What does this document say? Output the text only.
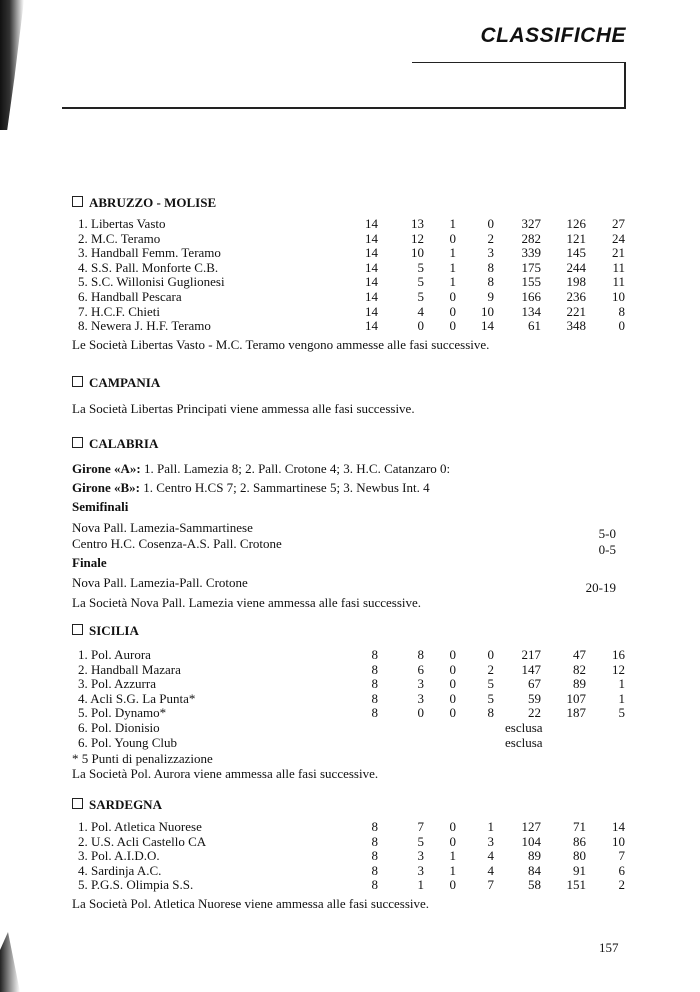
CLASSIFICHE
ABRUZZO - MOLISE
1. Libertas Vasto	14	13	1	0	327	126	27
2. M.C. Teramo	14	12	0	2	282	121	24
3. Handball Femm. Teramo	14	10	1	3	339	145	21
4. S.S. Pall. Monforte C.B.	14	5	1	8	175	244	11
5. S.C. Willonisi Guglionesi	14	5	1	8	155	198	11
6. Handball Pescara	14	5	0	9	166	236	10
7. H.C.F. Chieti	14	4	0	10	134	221	8
8. Newera J. H.F. Teramo	14	0	0	14	61	348	0
Le Società Libertas Vasto - M.C. Teramo vengono ammesse alle fasi successive.
CAMPANIA
La Società Libertas Principati viene ammessa alle fasi successive.
CALABRIA
Girone «A»: 1. Pall. Lamezia 8; 2. Pall. Crotone 4; 3. H.C. Catanzaro 0:
Girone «B»: 1. Centro H.CS 7; 2. Sammartinese 5; 3. Newbus Int. 4
Semifinali
Nova Pall. Lamezia-Sammartinese	5-0
Centro H.C. Cosenza-A.S. Pall. Crotone	0-5
Finale
Nova Pall. Lamezia-Pall. Crotone	20-19
La Società Nova Pall. Lamezia viene ammessa alle fasi successive.
SICILIA
1. Pol. Aurora	8	8	0	0	217	47	16
2. Handball Mazara	8	6	0	2	147	82	12
3. Pol. Azzurra	8	3	0	5	67	89	1
4. Acli S.G. La Punta*	8	3	0	5	59	107	1
5. Pol. Dynamo*	8	0	0	8	22	187	5
6. Pol. Dionisio	esclusa
6. Pol. Young Club	esclusa
* 5 Punti di penalizzazione
La Società Pol. Aurora viene ammessa alle fasi successive.
SARDEGNA
1. Pol. Atletica Nuorese	8	7	0	1	127	71	14
2. U.S. Acli Castello CA	8	5	0	3	104	86	10
3. Pol. A.I.D.O.	8	3	1	4	89	80	7
4. Sardinja A.C.	8	3	1	4	84	91	6
5. P.G.S. Olimpia S.S.	8	1	0	7	58	151	2
La Società Pol. Atletica Nuorese viene ammessa alle fasi successive.
157
